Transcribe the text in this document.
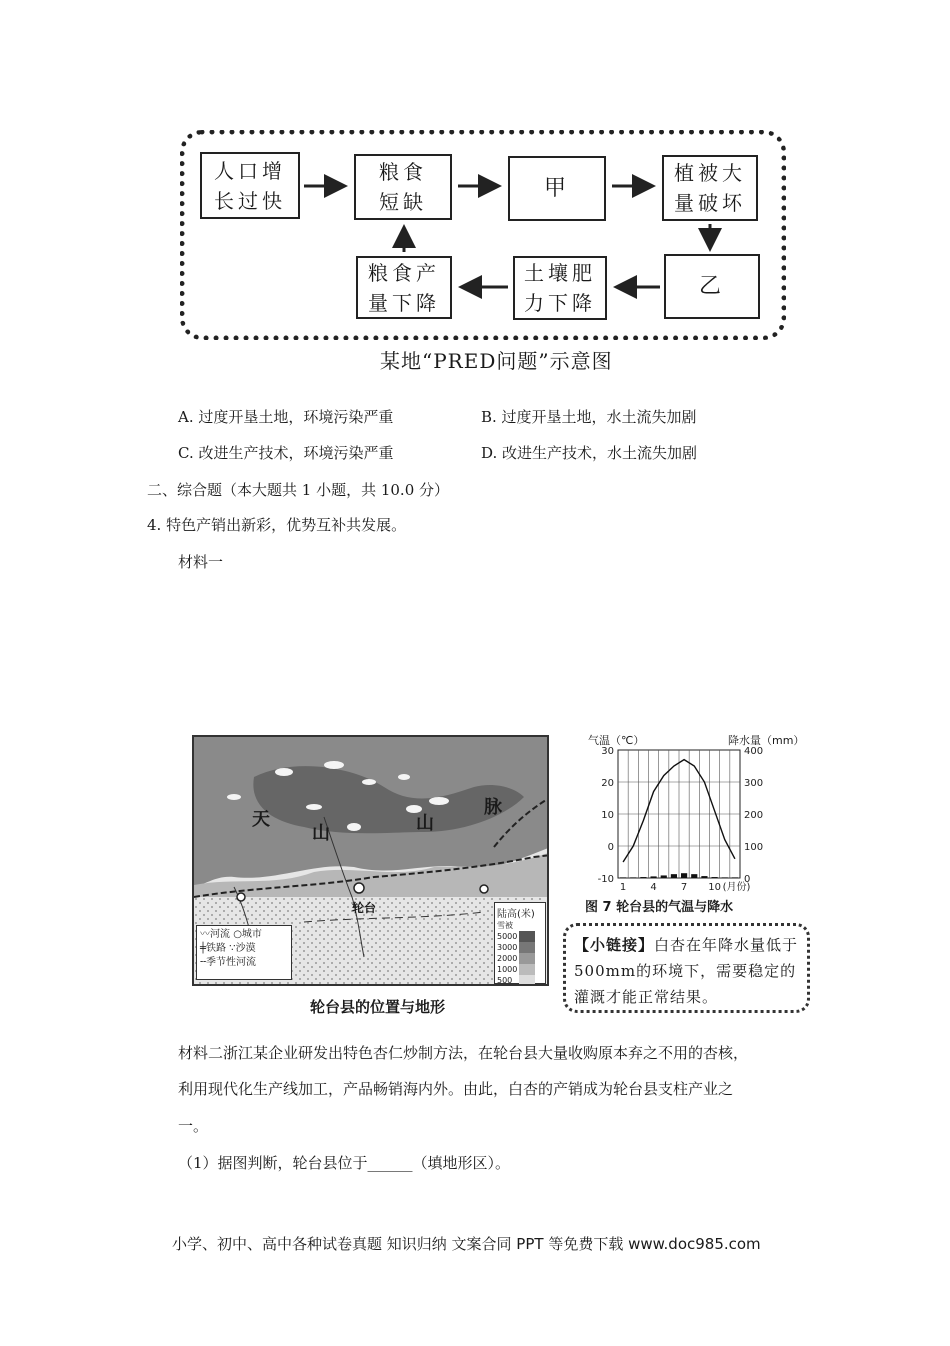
人口增
长过快
粮食
短缺
甲
植被大
量破坏
乙
土壤肥
力下降
粮食产
量下降
某地“PRED问题”示意图
A. 过度开垦土地，环境污染严重	B. 过度开垦土地，水土流失加剧
C. 改进生产技术，环境污染严重	D. 改进生产技术，水土流失加剧
二、综合题（本大题共 1 小题，共 10.0 分）
4. 特色产销出新彩，优势互补共发展。
材料一
天
山	山
脉
轮台
〰河流 ○城市
╪铁路 ∵沙漠
╌季节性河流
陆高(米)
雪被
5000
3000
2000
1000
500
轮台县的位置与地形
气温（℃）	降水量（mm）
30
20
10
0
-10
400
300
200
100
0
1 4 7 10 (月份)
图 7 轮台县的气温与降水
【小链接】白杏在年降水量低于500mm的环境下，需要稳定的灌溉才能正常结果。
材料二浙江某企业研发出特色杏仁炒制方法，在轮台县大量收购原本弃之不用的杏核，
利用现代化生产线加工，产品畅销海内外。由此，白杏的产销成为轮台县支柱产业之
一。
（1）据图判断，轮台县位于______（填地形区）。
小学、初中、高中各种试卷真题 知识归纳 文案合同 PPT 等免费下载 www.doc985.com
